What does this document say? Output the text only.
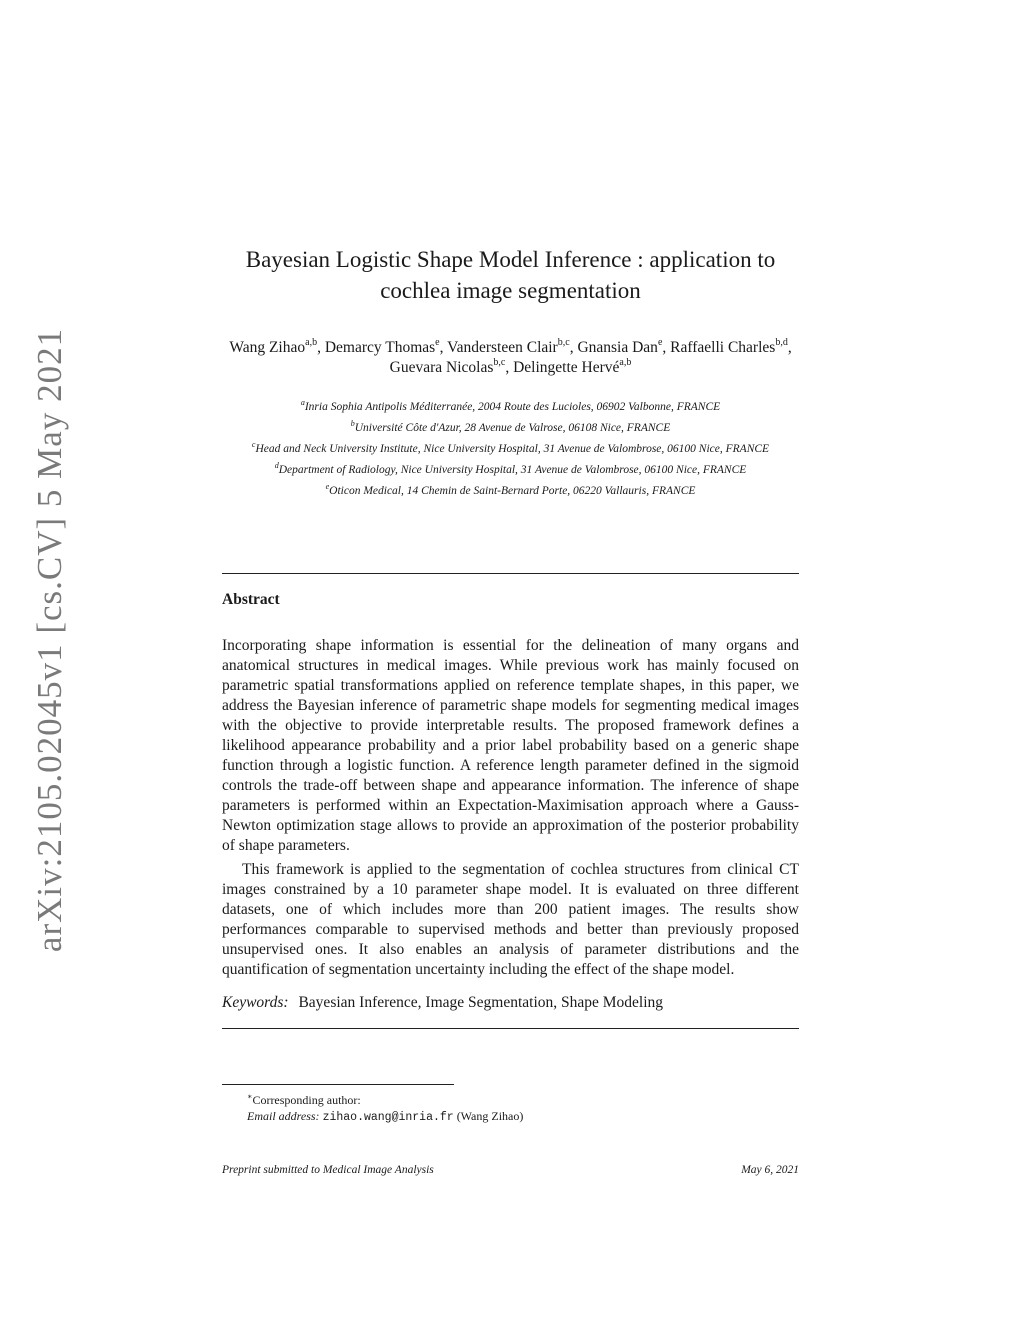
arXiv:2105.02045v1 [cs.CV] 5 May 2021
Bayesian Logistic Shape Model Inference : application to
cochlea image segmentation
Wang Zihao$^{a,b}$, Demarcy Thomas$^e$, Vandersteen Clair$^{b,c}$, Gnansia Dan$^e$, Raffaelli Charles$^{b,d}$, Guevara Nicolas$^{b,c}$, Delingette Hervé$^{a,b}$
$^a$Inria Sophia Antipolis Méditerranée, 2004 Route des Lucioles, 06902 Valbonne, FRANCE
$^b$Université Côte d'Azur, 28 Avenue de Valrose, 06108 Nice, FRANCE
$^c$Head and Neck University Institute, Nice University Hospital, 31 Avenue de Valombrose, 06100 Nice, FRANCE
$^d$Department of Radiology, Nice University Hospital, 31 Avenue de Valombrose, 06100 Nice, FRANCE
$^e$Oticon Medical, 14 Chemin de Saint-Bernard Porte, 06220 Vallauris, FRANCE
Abstract

Incorporating shape information is essential for the delineation of many organs and anatomical structures in medical images. While previous work has mainly focused on parametric spatial transformations applied on reference template shapes, in this paper, we address the Bayesian inference of parametric shape models for segmenting medical images with the objective to provide interpretable results. The proposed framework defines a likelihood appearance probability and a prior label probability based on a generic shape function through a logistic function. A reference length parameter defined in the sigmoid controls the trade-off between shape and appearance information. The inference of shape parameters is performed within an Expectation-Maximisation approach where a Gauss-Newton optimization stage allows to provide an approximation of the posterior probability of shape parameters.

This framework is applied to the segmentation of cochlea structures from clinical CT images constrained by a 10 parameter shape model. It is evaluated on three different datasets, one of which includes more than 200 patient images. The results show performances comparable to supervised methods and better than previously proposed unsupervised ones. It also enables an analysis of parameter distributions and the quantification of segmentation uncertainty including the effect of the shape model.

Keywords: Bayesian Inference, Image Segmentation, Shape Modeling
∗Corresponding author:
Email address: zihao.wang@inria.fr (Wang Zihao)
Preprint submitted to Medical Image Analysis	May 6, 2021
